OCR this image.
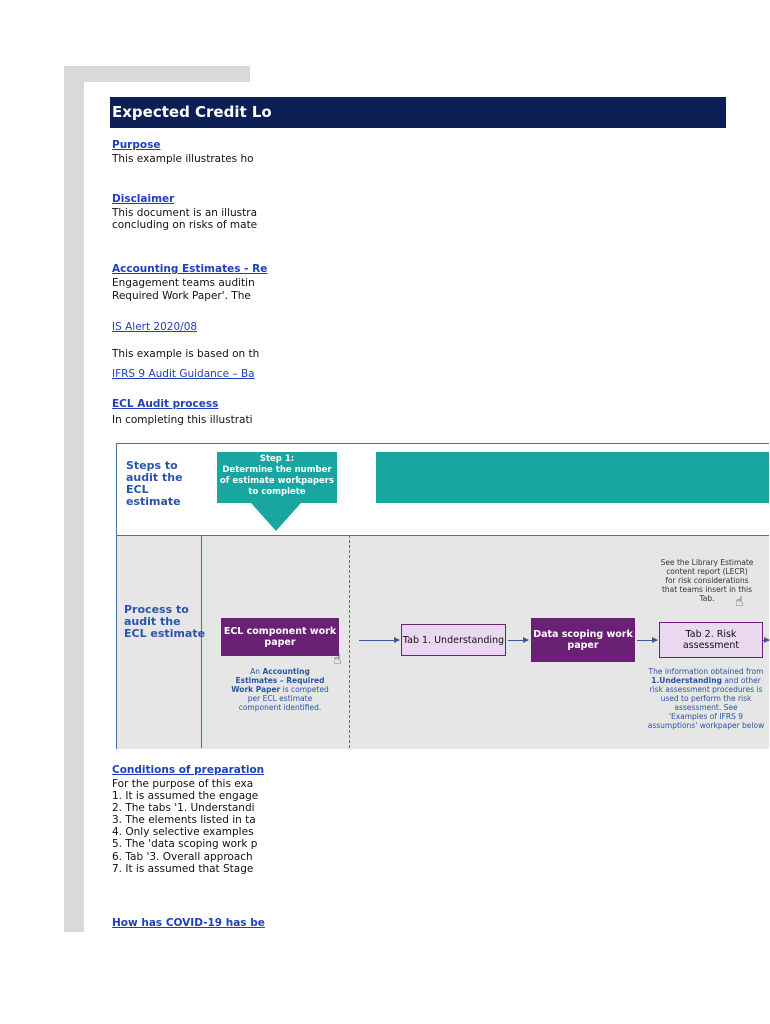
Expected Credit Lo
Purpose
This example illustrates ho
Disclaimer
This document is an illustra
concluding on risks of mate
Accounting Estimates - Re
Engagement teams auditin
Required Work Paper'. The
IS Alert 2020/08
This example is based on th
IFRS 9 Audit Guidance – Ba
ECL Audit process
In completing this illustrati
Steps to
audit the
ECL
estimate
Step 1:
Determine the number
of estimate workpapers
to complete
Process to
audit the
ECL estimate ECL component work paper
☝
An Accounting
Estimates – Required
Work Paper is competed
per ECL estimate
component identified.
Tab 1. Understanding	Data scoping work paper
Tab 2. Risk assessment
See the Library Estimate
content report (LECR)
for risk considerations
that teams insert in this
Tab.	☝
The information obtained from
1.Understanding and other
risk assessment procedures is
used to perform the risk
assessment. See
'Examples of IFRS 9
assumptions' workpaper below
Conditions of preparation
For the purpose of this exa
1. It is assumed the engage
2. The tabs '1. Understandi
3. The elements listed in ta
4. Only selective examples
5. The 'data scoping work p
6. Tab '3. Overall approach
7. It is assumed that Stage
How has COVID-19 has be
